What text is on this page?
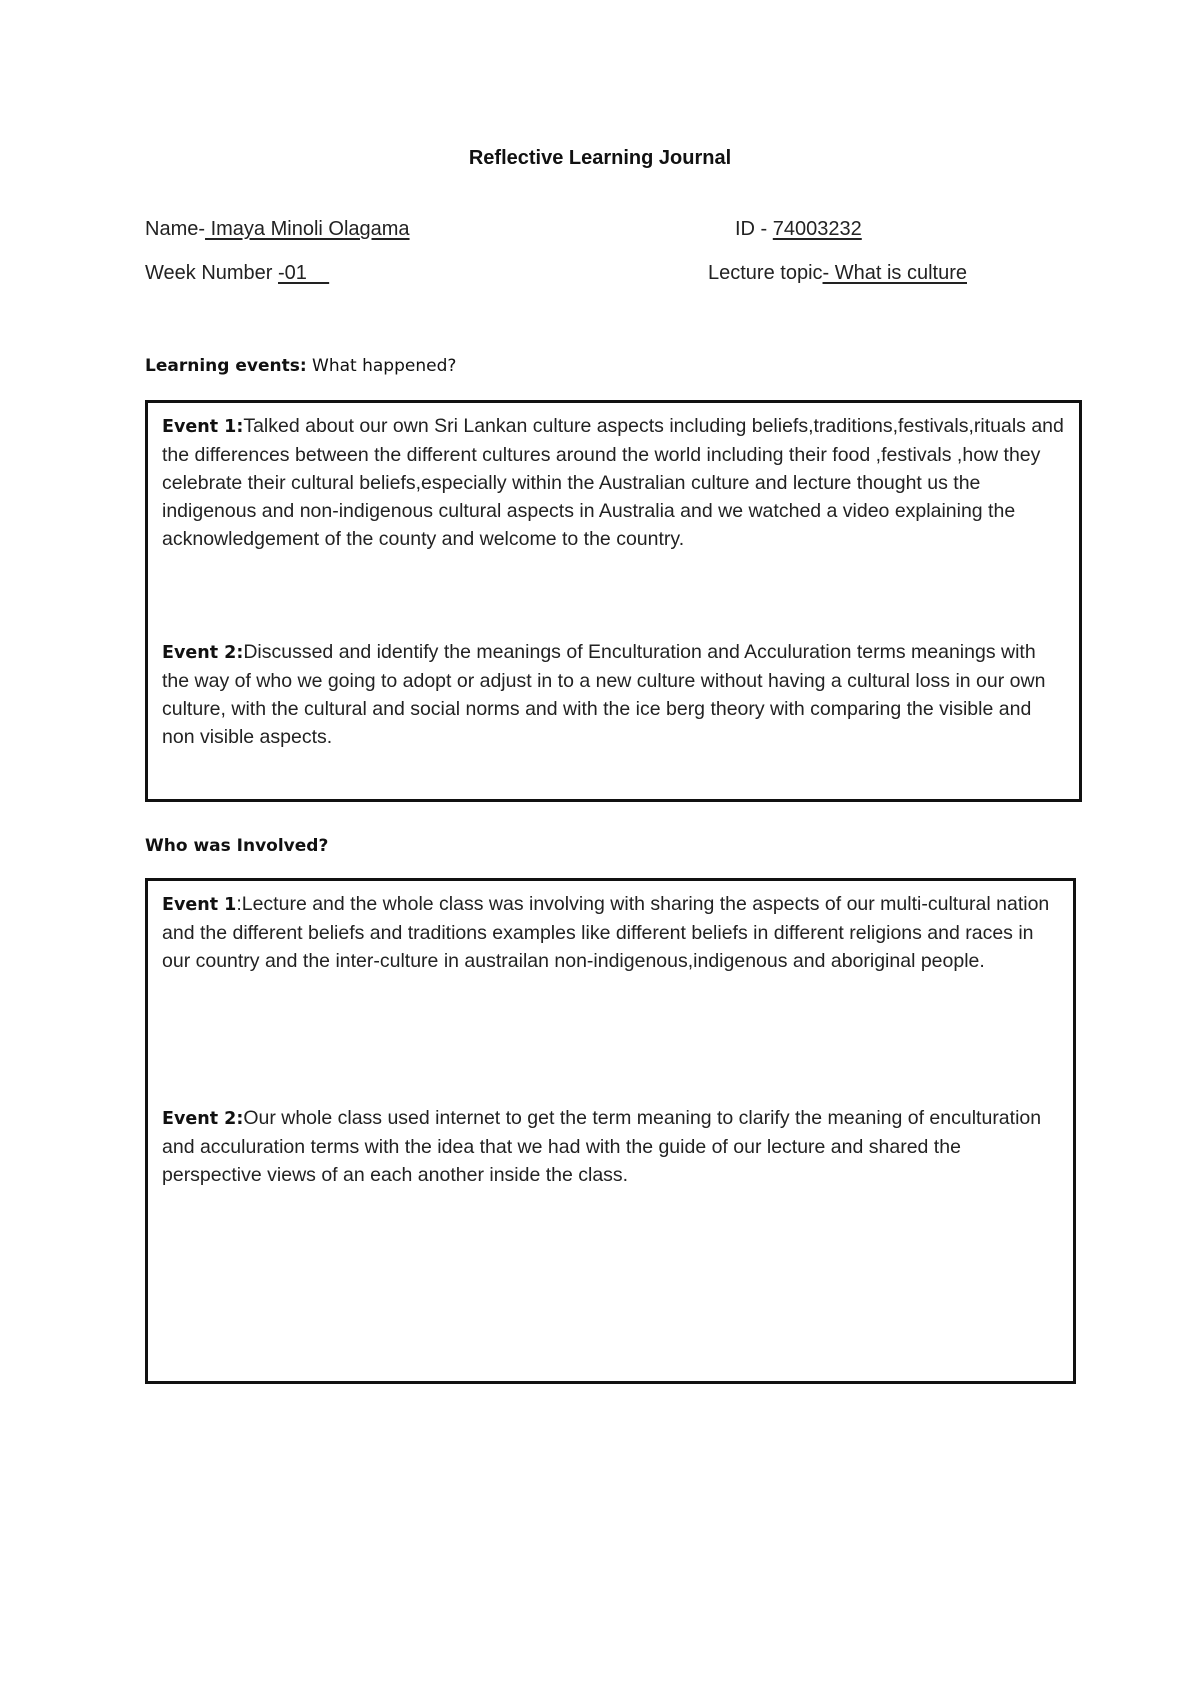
Reflective Learning Journal
Name- Imaya Minoli Olagama	ID - 74003232
Week Number -01	Lecture topic- What is culture
Learning events: What happened?
Event 1:Talked about our own Sri Lankan culture aspects including beliefs,traditions,festivals,rituals and the differences between the different cultures around the world including their food ,festivals ,how they celebrate their cultural beliefs,especially within the Australian culture and lecture thought us the indigenous and non-indigenous cultural aspects in Australia and we watched a video explaining the acknowledgement of the county and welcome to the country.
Event 2:Discussed and identify the meanings of Enculturation and Acculuration terms meanings with the way of who we going to adopt or adjust in to a new culture without having a cultural loss in our own culture, with the cultural and social norms and with the ice berg theory with comparing the visible and non visible aspects.
Who was Involved?
Event 1:Lecture and the whole class was involving with sharing the aspects of our multi-cultural nation and the different beliefs and traditions examples like different beliefs in different religions and races in our country and the inter-culture in austrailan non-indigenous,indigenous and aboriginal people.
Event 2:Our whole class used internet to get the term meaning to clarify the meaning of enculturation and acculuration terms with the idea that we had with the guide of our lecture and shared the perspective views of an each another inside the class.
